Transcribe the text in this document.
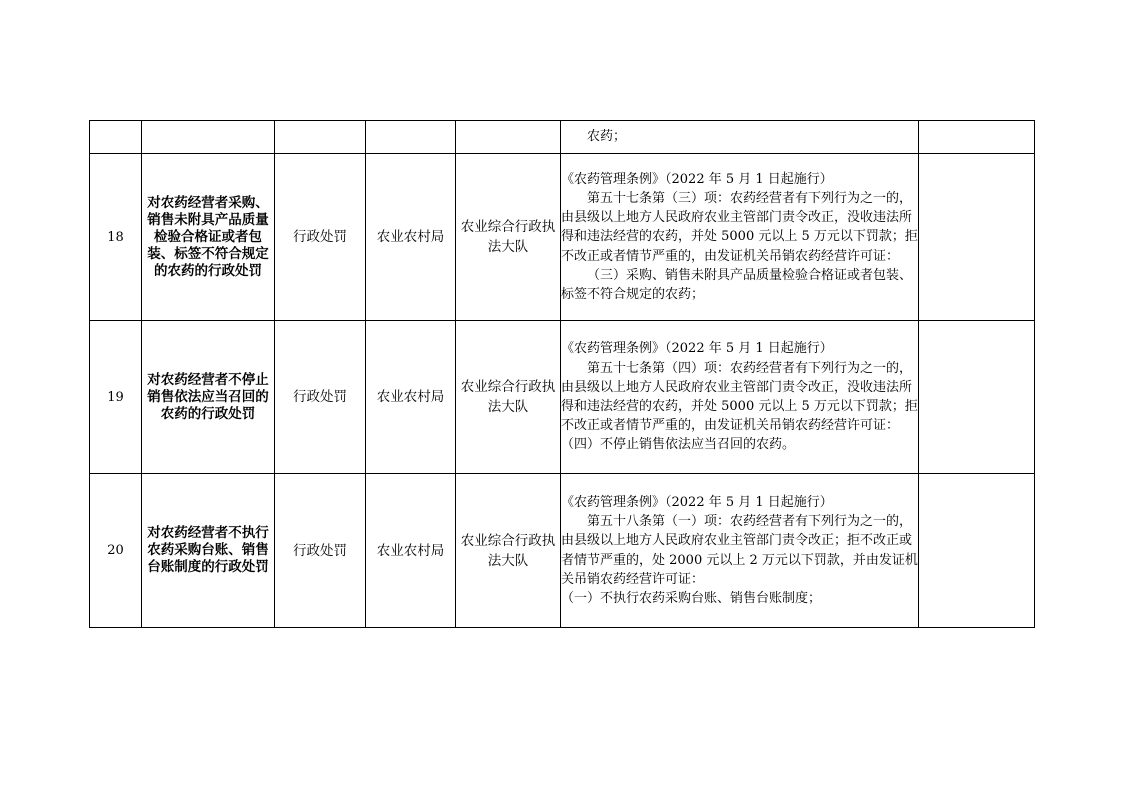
					农药；	

18	对农药经营者采购、销售未附具产品质量检验合格证或者包装、标签不符合规定的农药的行政处罚	行政处罚	农业农村局	农业综合行政执法大队	《农药管理条例》（2022 年 5 月 1 日起施行）

第五十七条第（三）项：农药经营者有下列行为之一的，由县级以上地方人民政府农业主管部门责令改正，没收违法所得和违法经营的农药，并处 5000 元以上 5 万元以下罚款；拒不改正或者情节严重的，由发证机关吊销农药经营许可证：

（三）采购、销售未附具产品质量检验合格证或者包装、标签不符合规定的农药；	

19	对农药经营者不停止销售依法应当召回的农药的行政处罚	行政处罚	农业农村局	农业综合行政执法大队	《农药管理条例》（2022 年 5 月 1 日起施行）

第五十七条第（四）项：农药经营者有下列行为之一的，由县级以上地方人民政府农业主管部门责令改正，没收违法所得和违法经营的农药，并处 5000 元以上 5 万元以下罚款；拒不改正或者情节严重的，由发证机关吊销农药经营许可证：

（四）不停止销售依法应当召回的农药。	

20	对农药经营者不执行农药采购台账、销售台账制度的行政处罚	行政处罚	农业农村局	农业综合行政执法大队	《农药管理条例》（2022 年 5 月 1 日起施行）

第五十八条第（一）项：农药经营者有下列行为之一的，由县级以上地方人民政府农业主管部门责令改正；拒不改正或者情节严重的，处 2000 元以上 2 万元以下罚款，并由发证机关吊销农药经营许可证：

（一）不执行农药采购台账、销售台账制度；	
